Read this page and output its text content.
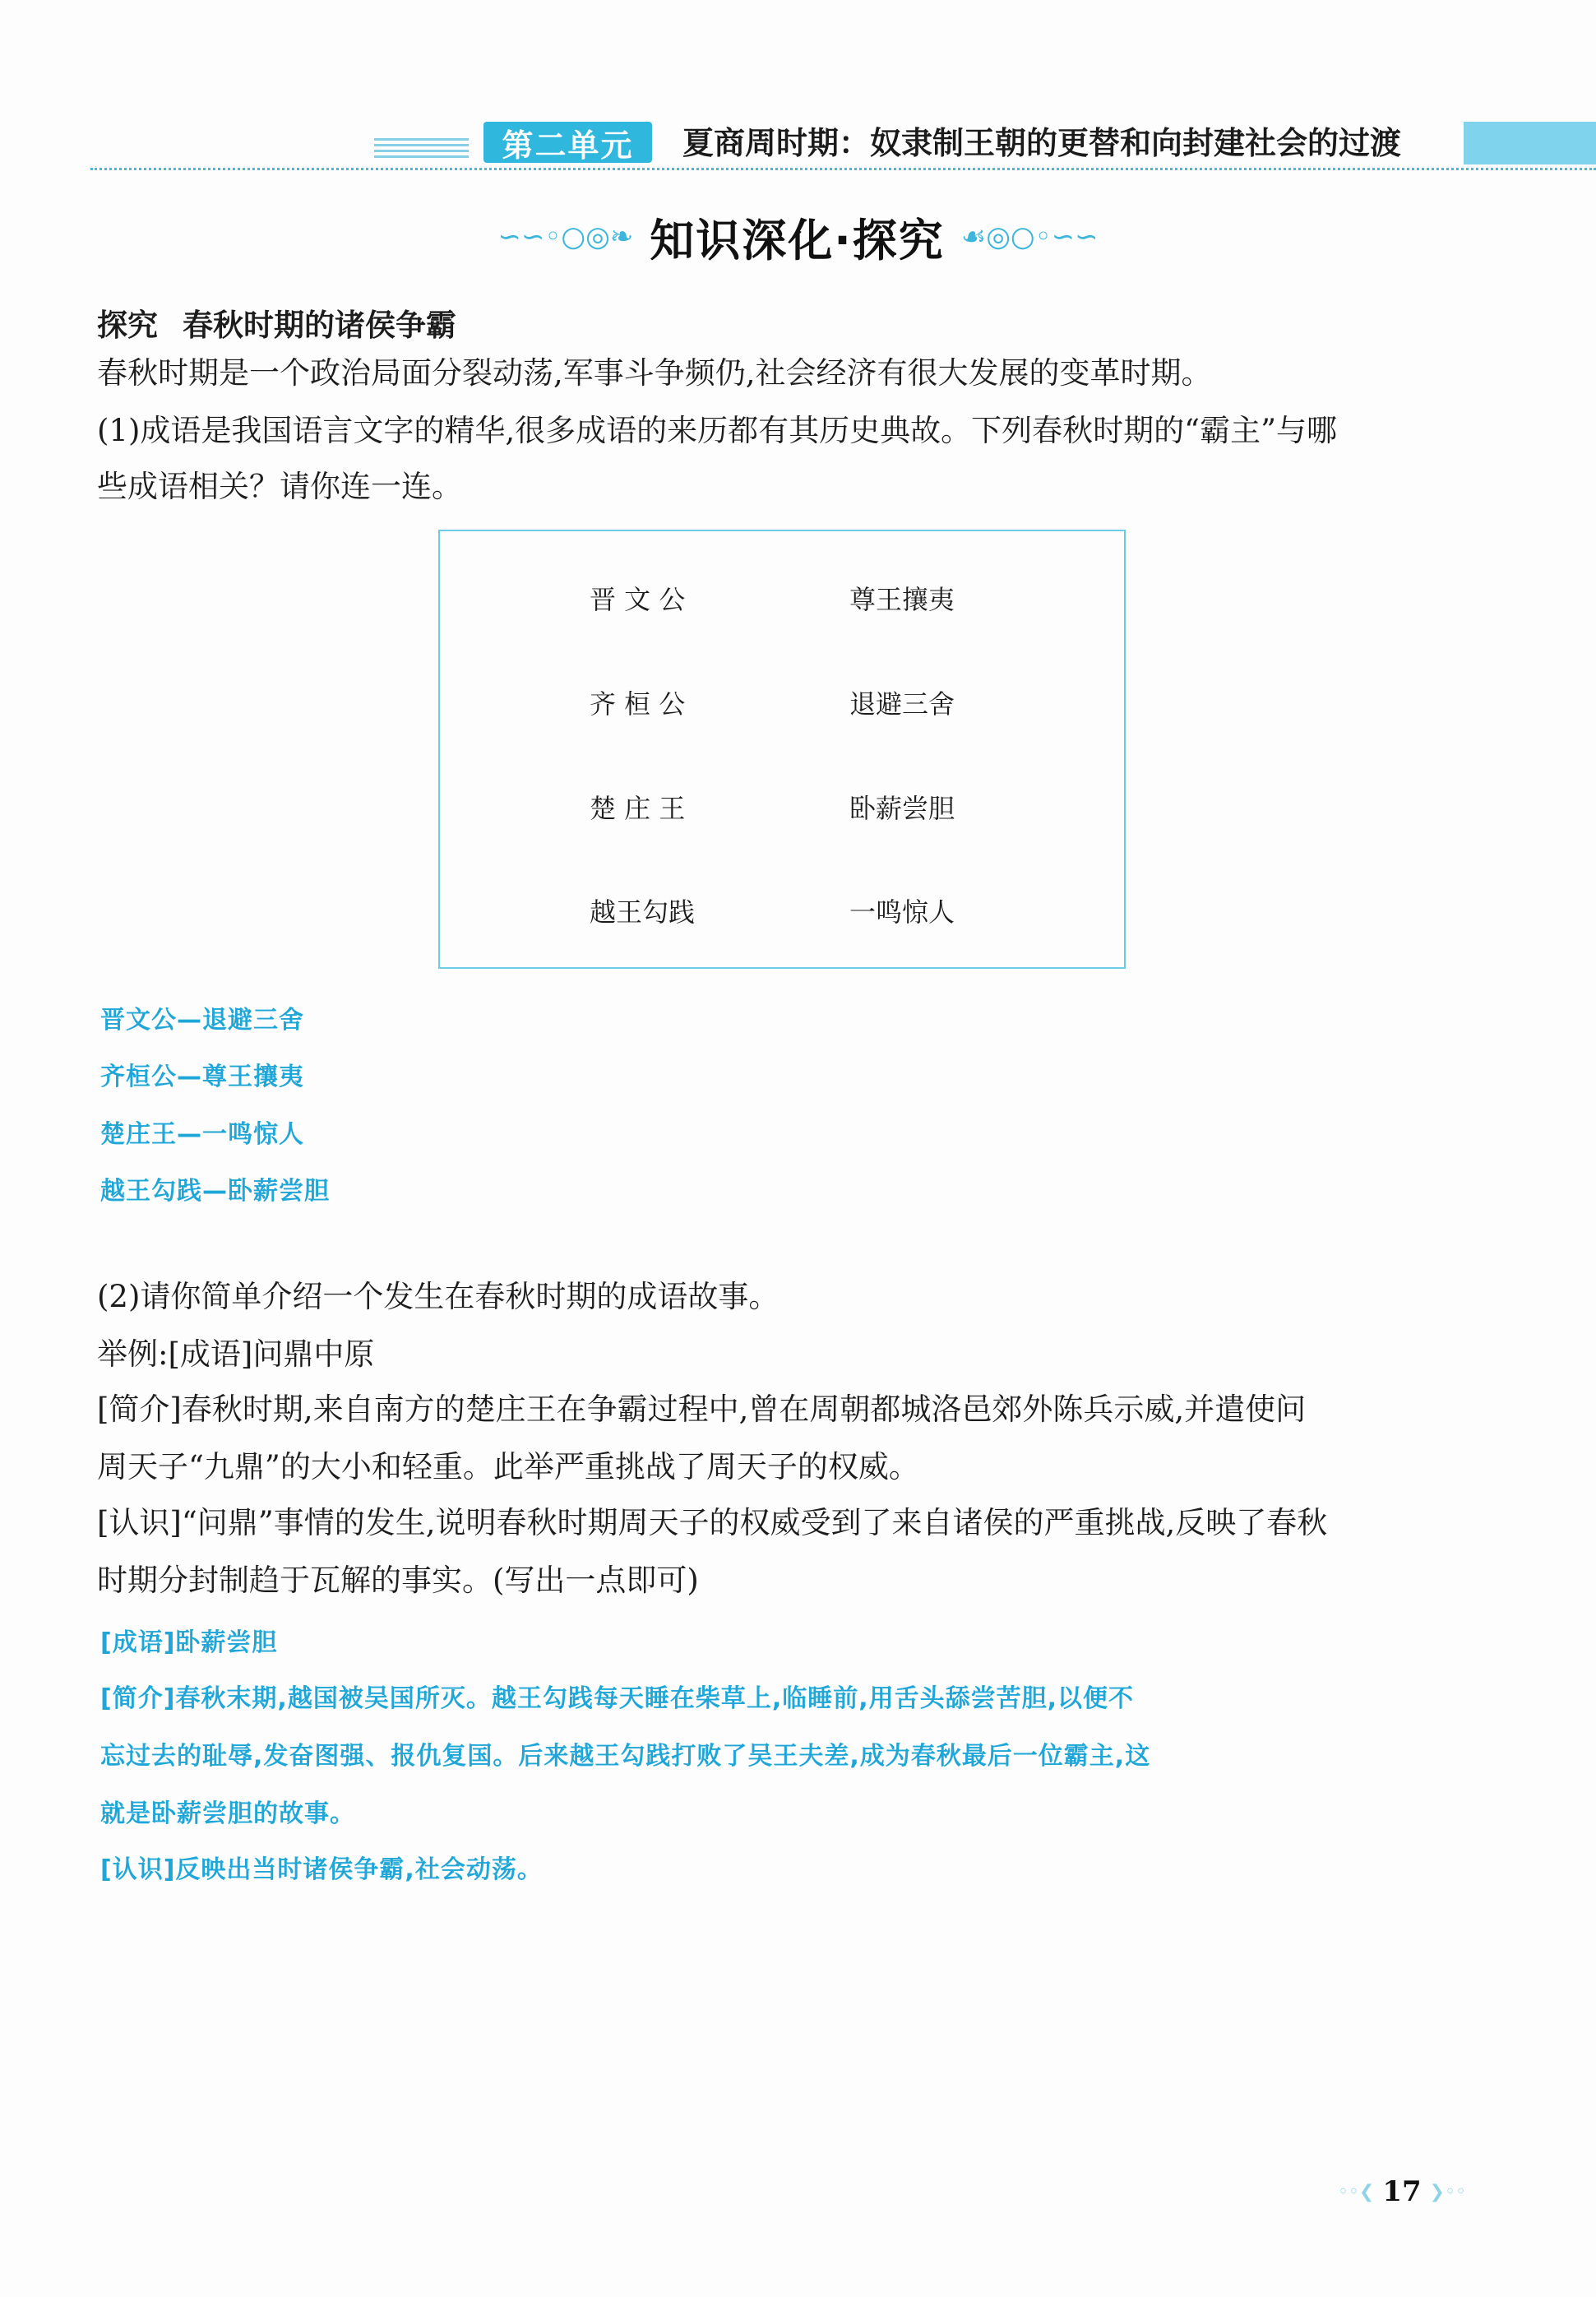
第二单元	夏商周时期：奴隶制王朝的更替和向封建社会的过渡
∽∽◦○◎❧ 知识深化·探究 ☙◎○◦∽∽
探究 春秋时期的诸侯争霸
春秋时期是一个政治局面分裂动荡,军事斗争频仍,社会经济有很大发展的变革时期。
(1)成语是我国语言文字的精华,很多成语的来历都有其历史典故。下列春秋时期的“霸主”与哪
些成语相关？请你连一连。
晋 文 公
齐 桓 公
楚 庄 王
越王勾践
尊王攘夷
退避三舍
卧薪尝胆
一鸣惊人
晋文公—退避三舍
齐桓公—尊王攘夷
楚庄王—一鸣惊人
越王勾践—卧薪尝胆
(2)请你简单介绍一个发生在春秋时期的成语故事。
举例:[成语]问鼎中原
[简介]春秋时期,来自南方的楚庄王在争霸过程中,曾在周朝都城洛邑郊外陈兵示威,并遣使问
周天子“九鼎”的大小和轻重。此举严重挑战了周天子的权威。
[认识]“问鼎”事情的发生,说明春秋时期周天子的权威受到了来自诸侯的严重挑战,反映了春秋
时期分封制趋于瓦解的事实。(写出一点即可)
[成语]卧薪尝胆
[简介]春秋末期,越国被吴国所灭。越王勾践每天睡在柴草上,临睡前,用舌头舔尝苦胆,以便不
忘过去的耻辱,发奋图强、报仇复国。后来越王勾践打败了吴王夫差,成为春秋最后一位霸主,这
就是卧薪尝胆的故事。
[认识]反映出当时诸侯争霸,社会动荡。
◦◦❮ 17 ❯◦◦
